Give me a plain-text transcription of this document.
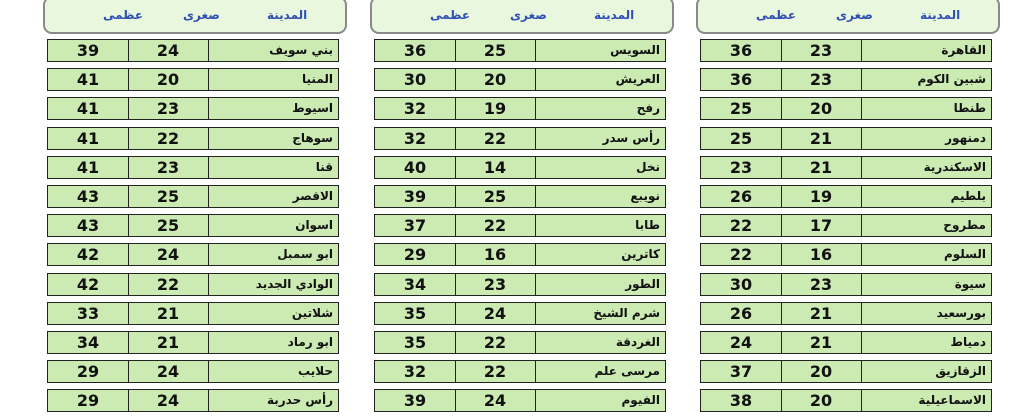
عظمى	صغرى	المدينة
39	24	بني سويف
41	20	المنيا
41	23	اسيوط
41	22	سوهاج
41	23	قنا
43	25	الاقصر
43	25	اسوان
42	24	ابو سمبل
42	22	الوادي الجديد
33	21	شلاتين
34	21	ابو رماد
29	24	حلايب
29	24	رأس حدربة
عظمى	صغرى	المدينة
36	25	السويس
30	20	العريش
32	19	رفح
32	22	رأس سدر
40	14	نخل
39	25	نويبع
37	22	طابا
29	16	كاترين
34	23	الطور
35	24	شرم الشيخ
35	22	الغردقة
32	22	مرسى علم
39	24	الفيوم
عظمى	صغرى	المدينة
36	23	القاهرة
36	23	شبين الكوم
25	20	طنطا
25	21	دمنهور
23	21	الاسكندرية
26	19	بلطيم
22	17	مطروح
22	16	السلوم
30	23	سيوة
26	21	بورسعيد
24	21	دمياط
37	20	الزقازيق
38	20	الاسماعيلية
